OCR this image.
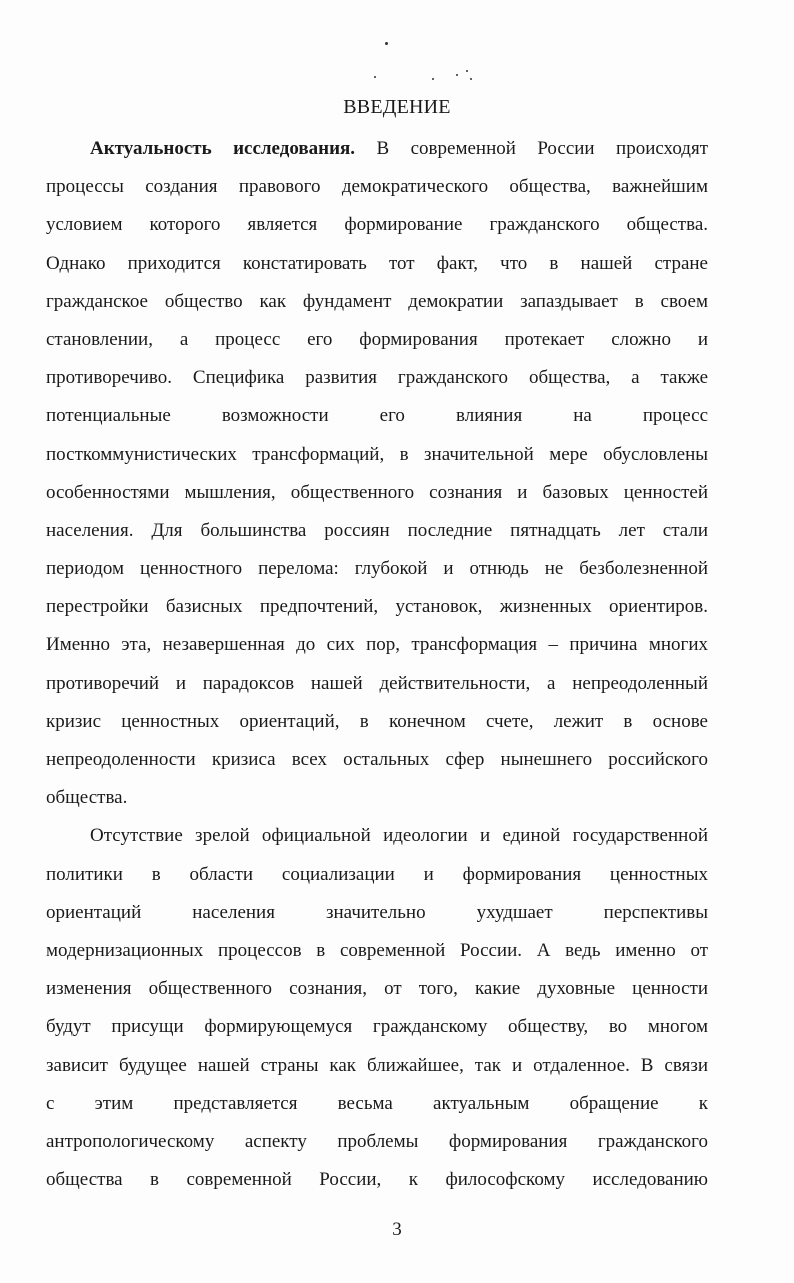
ВВЕДЕНИЕ

Актуальность исследования. В современной России происходят
процессы создания правового демократического общества, важнейшим
условием которого является формирование гражданского общества.
Однако приходится констатировать тот факт, что в нашей стране
гражданское общество как фундамент демократии запаздывает в своем
становлении, а процесс его формирования протекает сложно и
противоречиво. Специфика развития гражданского общества, а также
потенциальные возможности его влияния на процесс
посткоммунистических трансформаций, в значительной мере обусловлены
особенностями мышления, общественного сознания и базовых ценностей
населения. Для большинства россиян последние пятнадцать лет стали
периодом ценностного перелома: глубокой и отнюдь не безболезненной
перестройки базисных предпочтений, установок, жизненных ориентиров.
Именно эта, незавершенная до сих пор, трансформация – причина многих
противоречий и парадоксов нашей действительности, а непреодоленный
кризис ценностных ориентаций, в конечном счете, лежит в основе
непреодоленности кризиса всех остальных сфер нынешнего российского
общества.

Отсутствие зрелой официальной идеологии и единой государственной
политики в области социализации и формирования ценностных
ориентаций населения значительно ухудшает перспективы
модернизационных процессов в современной России. А ведь именно от
изменения общественного сознания, от того, какие духовные ценности
будут присущи формирующемуся гражданскому обществу, во многом
зависит будущее нашей страны как ближайшее, так и отдаленное. В связи
с этим представляется весьма актуальным обращение к
антропологическому аспекту проблемы формирования гражданского
общества в современной России, к философскому исследованию

3
